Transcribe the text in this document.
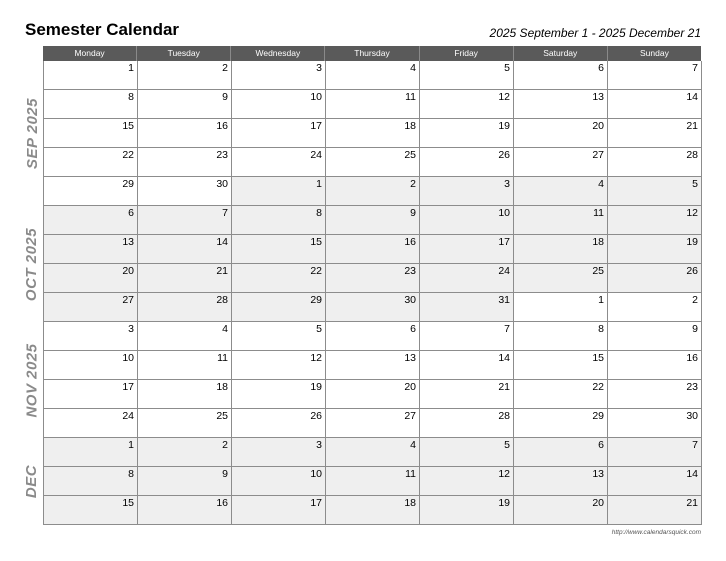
Semester Calendar	2025 September 1 - 2025 December 21
Monday	Tuesday	Wednesday	Thursday	Friday	Saturday	Sunday
1	2	3	4	5	6	7
8	9	10	11	12	13	14
15	16	17	18	19	20	21
22	23	24	25	26	27	28
29	30	1	2	3	4	5
6	7	8	9	10	11	12
13	14	15	16	17	18	19
20	21	22	23	24	25	26
27	28	29	30	31	1	2
3	4	5	6	7	8	9
10	11	12	13	14	15	16
17	18	19	20	21	22	23
24	25	26	27	28	29	30
1	2	3	4	5	6	7
8	9	10	11	12	13	14
15	16	17	18	19	20	21
SEP 2025
OCT 2025
NOV 2025
DEC
http://www.calendarsquick.com
